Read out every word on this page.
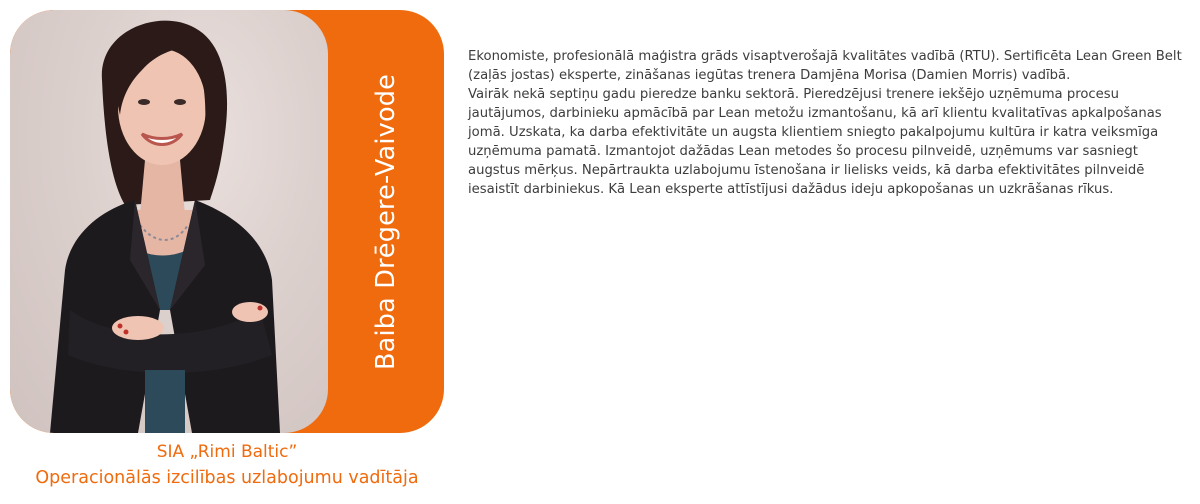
Baiba Drēgere-Vaivode
SIA „Rimi Baltic”
Operacionālās izcilības uzlabojumu vadītāja

Ekonomiste, profesionālā maģistra grāds visaptverošajā kvalitātes vadībā (RTU). Sertificēta Lean Green Belt (zaļās jostas) eksperte, zināšanas iegūtas trenera Damjēna Morisa (Damien Morris) vadībā.

Vairāk nekā septiņu gadu pieredze banku sektorā. Pieredzējusi trenere iekšējo uzņēmuma procesu jautājumos, darbinieku apmācībā par Lean metožu izmantošanu, kā arī klientu kvalitatīvas apkalpošanas jomā. Uzskata, ka darba efektivitāte un augsta klientiem sniegto pakalpojumu kultūra ir katra veiksmīga uzņēmuma pamatā. Izmantojot dažādas Lean metodes šo procesu pilnveidē, uzņēmums var sasniegt augstus mērķus. Nepārtraukta uzlabojumu īstenošana ir lielisks veids, kā darba efektivitātes pilnveidē iesaistīt darbiniekus. Kā Lean eksperte attīstījusi dažādus ideju apkopošanas un uzkrāšanas rīkus.
